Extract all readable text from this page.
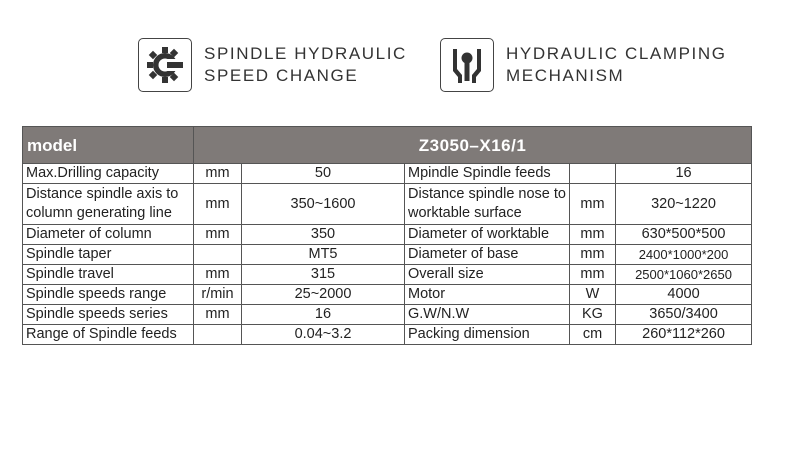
SPINDLE HYDRAULIC
SPEED CHANGE
HYDRAULIC CLAMPING
MECHANISM
model	Z3050–X16/1				
Max.Drilling capacity	mm	50	Mpindle Spindle feeds		16
Distance spindle axis to column generating line	mm	350~1600	Distance spindle nose to worktable surface	mm	320~1220
Diameter of column	mm	350	Diameter of worktable	mm	630*500*500
Spindle taper		MT5	Diameter of base	mm	2400*1000*200
Spindle travel	mm	315	Overall size	mm	2500*1060*2650
Spindle speeds range	r/min	25~2000	Motor	W	4000
Spindle speeds series	mm	16	G.W/N.W	KG	3650/3400
Range of Spindle feeds		0.04~3.2	Packing dimension	cm	260*112*260
